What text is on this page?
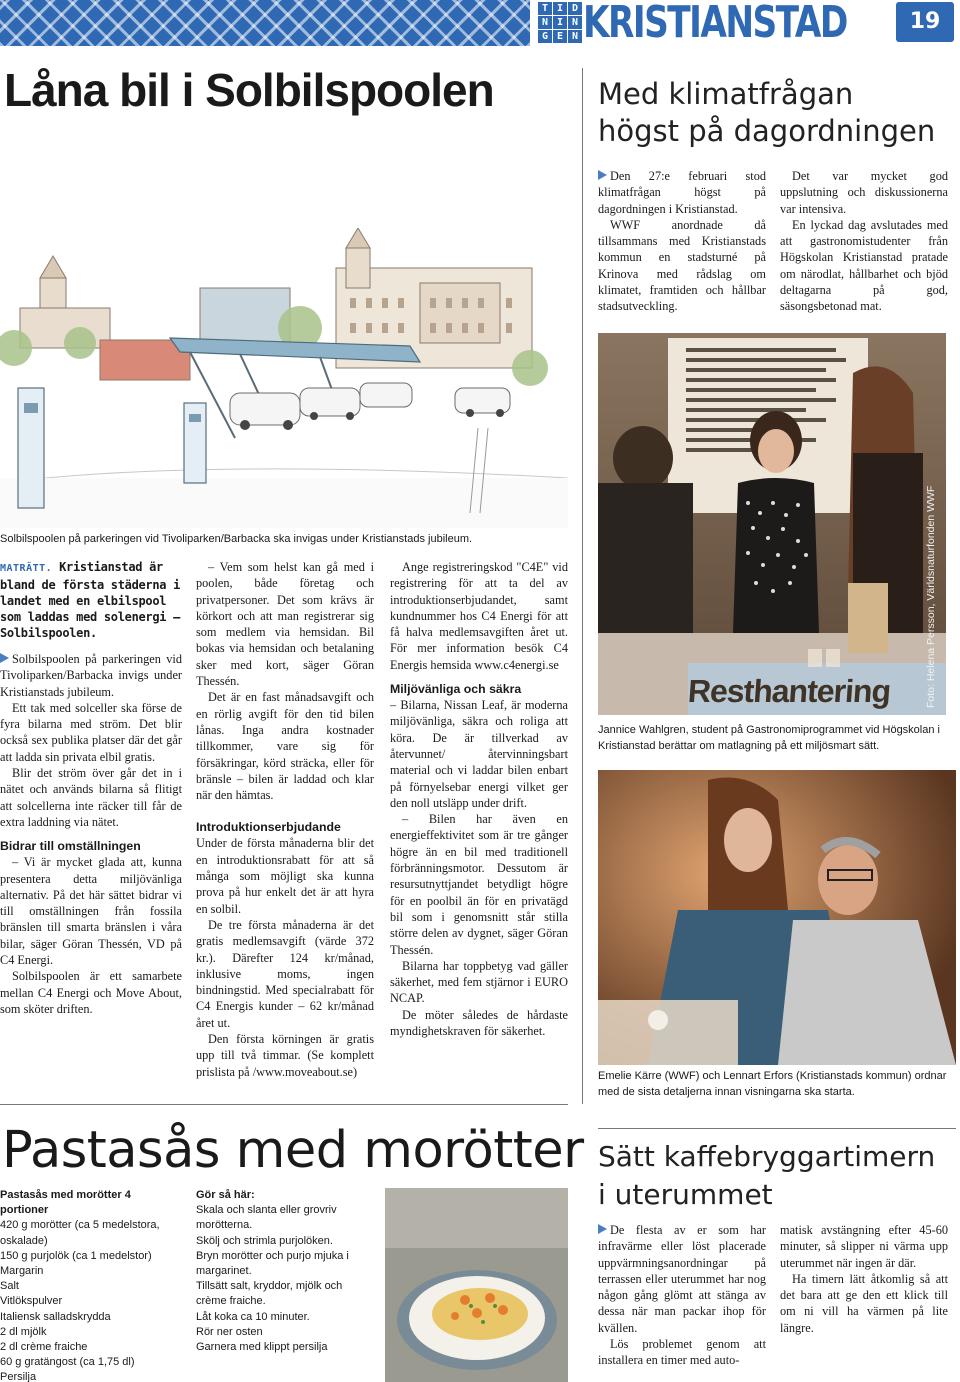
T I D
N I N
G E N KRISTIANSTAD	19
Låna bil i Solbilspoolen
Solbilspoolen på parkeringen vid Tivoliparken/Barbacka ska invigas under Kristianstads jubileum.
MATRÄTT. Kristianstad är bland de första städerna i landet med en elbilspool som laddas med solenergi – Solbilspoolen.

Solbilspoolen på parkeringen vid Tivoliparken/Barbacka invigs under Kristianstads jubileum.

Ett tak med solceller ska förse de fyra bilarna med ström. Det blir också sex publika platser där det går att ladda sin privata elbil gratis.

Blir det ström över går det in i nätet och används bilarna så flitigt att solcellerna inte räcker till får de extra laddning via nätet.

Bidrar till omställningen

– Vi är mycket glada att, kunna presentera detta miljövänliga alternativ. På det här sättet bidrar vi till omställningen från fossila bränslen till smarta bränslen i våra bilar, säger Göran Thessén, VD på C4 Energi.

Solbilspoolen är ett samarbete mellan C4 Energi och Move About, som sköter driften.

– Vem som helst kan gå med i poolen, både företag och privatpersoner. Det som krävs är körkort och att man registrerar sig som medlem via hemsidan. Bil bokas via hemsidan och betalaning sker med kort, säger Göran Thessén.

Det är en fast månadsavgift och en rörlig avgift för den tid bilen lånas. Inga andra kostnader tillkommer, vare sig för försäkringar, körd sträcka, eller för bränsle – bilen är laddad och klar när den hämtas.

Introduktionserbjudande

Under de första månaderna blir det en introduktionsrabatt för att så många som möjligt ska kunna prova på hur enkelt det är att hyra en solbil.

De tre första månaderna är det gratis medlemsavgift (värde 372 kr.). Därefter 124 kr/månad, inklusive moms, ingen bindningstid. Med specialrabatt för C4 Energis kunder – 62 kr/månad året ut.

Den första körningen är gratis upp till två timmar. (Se komplett prislista på /www.moveabout.se)

Ange registreringskod "C4E" vid registrering för att ta del av introduktionserbjudandet, samt kundnummer hos C4 Energi för att få halva medlemsavgiften året ut. För mer information besök C4 Energis hemsida www.c4energi.se

Miljövänliga och säkra

– Bilarna, Nissan Leaf, är moderna miljövänliga, säkra och roliga att köra. De är tillverkad av återvunnet/ återvinningsbart material och vi laddar bilen enbart på förnyelsebar energi vilket ger den noll utsläpp under drift.

– Bilen har även en energieffektivitet som är tre gånger högre än en bil med traditionell förbränningsmotor. Dessutom är resursutnyttjandet betydligt högre för en poolbil än för en privatägd bil som i genomsnitt står stilla större delen av dygnet, säger Göran Thessén.

Bilarna har toppbetyg vad gäller säkerhet, med fem stjärnor i EURO NCAP.

De möter således de hårdaste myndighetskraven för säkerhet.

Med klimatfrågan
högst på dagordningen

Den 27:e februari stod klimatfrågan högst på dagordningen i Kristianstad.

WWF anordnade då tillsammans med Kristianstads kommun en stadsturné på Krinova med rådslag om klimatet, framtiden och hållbar stadsutveckling.

Det var mycket god uppslutning och diskussionerna var intensiva.

En lyckad dag avslutades med att gastronomistudenter från Högskolan Kristianstad pratade om närodlat, hållbarhet och bjöd deltagarna på god, säsongsbetonad mat.

Resthantering	Foto: Helena Persson, Världsnaturfonden WWF
Jannice Wahlgren, student på Gastronomiprogrammet vid Högskolan i Kristianstad berättar om matlagning på ett miljösmart sätt.
Emelie Kärre (WWF) och Lennart Erfors (Kristianstads kommun) ordnar med de sista detaljerna innan visningarna ska starta.
Pastasås med morötter
Pastasås med morötter 4 portioner
420 g morötter (ca 5 medelstora, oskalade)
150 g purjolök (ca 1 medelstor)
Margarin
Salt
Vitlökspulver
Italiensk salladskrydda
2 dl mjölk
2 dl crème fraiche
60 g gratängost (ca 1,75 dl)
Persilja
Gör så här:
Skala och slanta eller grovriv morötterna.
Skölj och strimla purjolöken.
Bryn morötter och purjo mjuka i margarinet.
Tillsätt salt, kryddor, mjölk och crème fraiche.
Låt koka ca 10 minuter.
Rör ner osten
Garnera med klippt persilja
Sätt kaffebryggartimern
i uterummet

De flesta av er som har infravärme eller löst placerade uppvärmningsanordningar på terrassen eller uterummet har nog någon gång glömt att stänga av dessa när man packar ihop för kvällen.

Lös problemet genom att installera en timer med auto-

matisk avstängning efter 45-60 minuter, så slipper ni värma upp uterummet när ingen är där.

Ha timern lätt åtkomlig så att det bara att ge den ett klick till om ni vill ha värmen på lite längre.
